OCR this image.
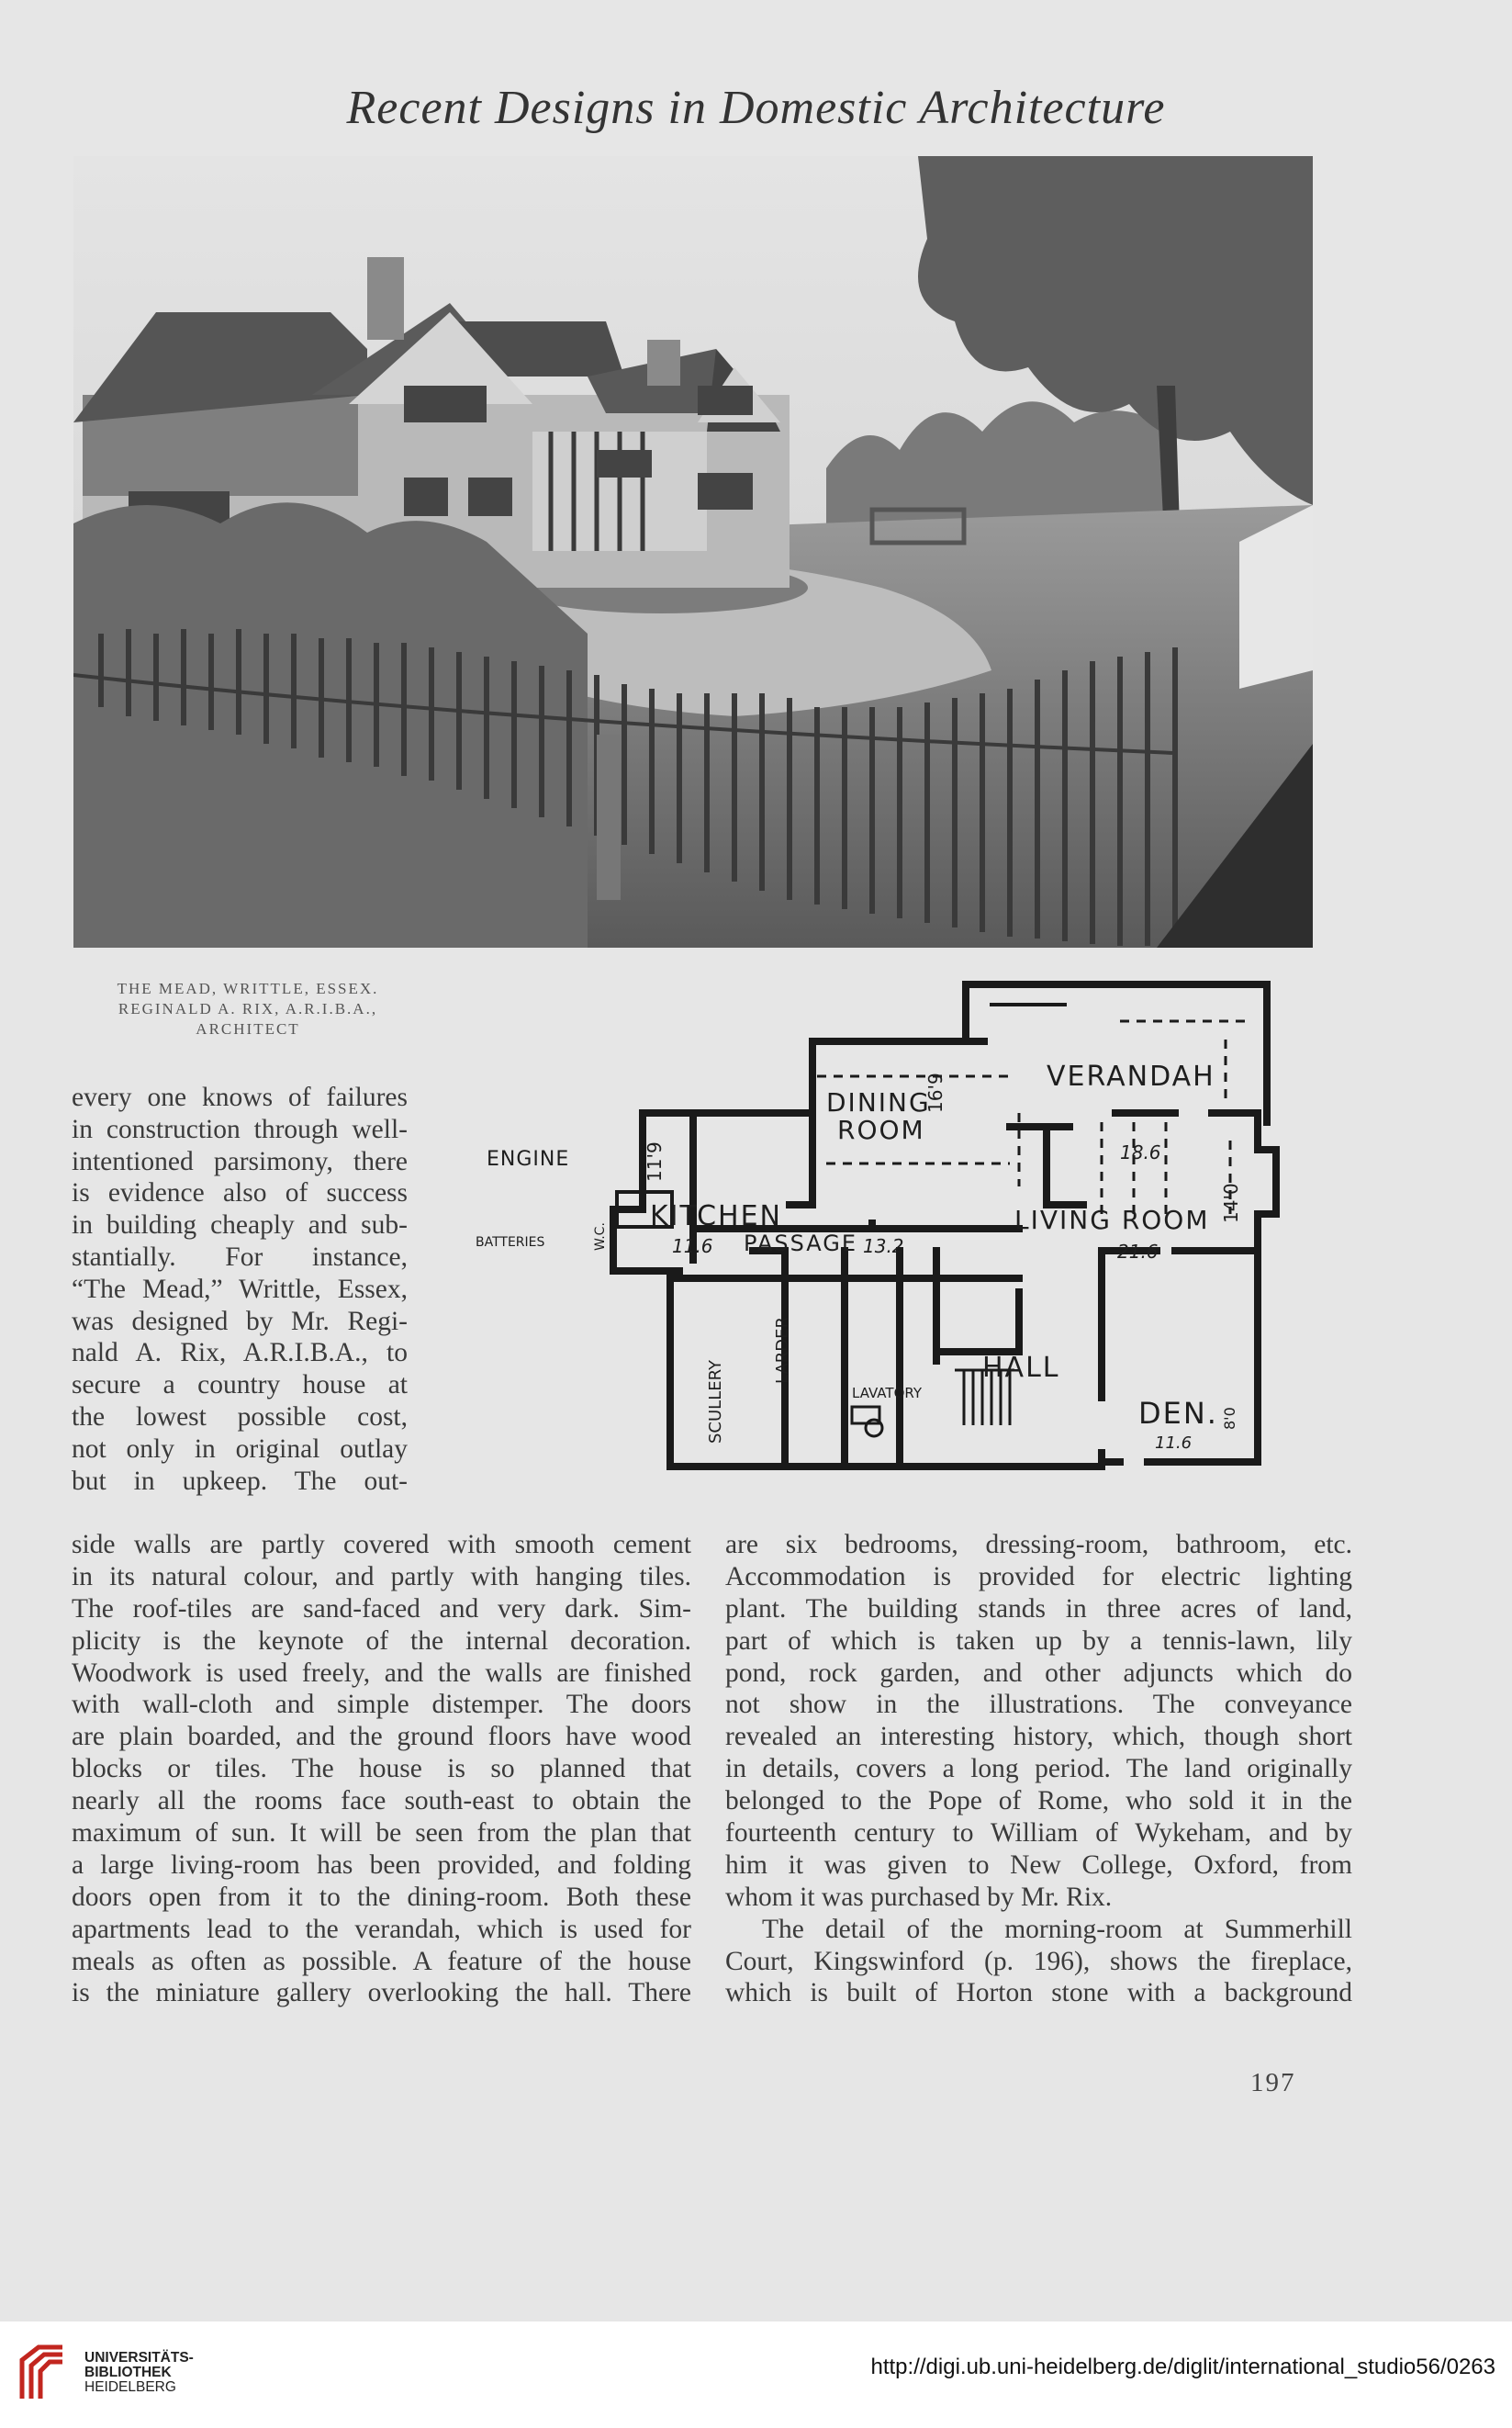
Recent Designs in Domestic Architecture
THE MEAD, WRITTLE, ESSEX.
REGINALD A. RIX, A.R.I.B.A.,
ARCHITECT
VERANDAH
DINING
ROOM
16'9
KITCHEN
11'9
11.6	13.2
ENGINE
BATTERIES	W.C.	PASSAGE
LIVING ROOM
18.6
21.6
14'0
HALL
SCULLERY
LARDER
LAVATORY
DEN.
11.6
8'0
every one knows of failures
in construction through well-
intentioned parsimony, there
is evidence also of success
in building cheaply and sub-
stantially. For instance,
“The Mead,” Writtle, Essex,
was designed by Mr. Regi-
nald A. Rix, A.R.I.B.A., to
secure a country house at
the lowest possible cost,
not only in original outlay
but in upkeep. The out-
side walls are partly covered with smooth cement
in its natural colour, and partly with hanging tiles.
The roof-tiles are sand-faced and very dark. Sim-
plicity is the keynote of the internal decoration.
Woodwork is used freely, and the walls are finished
with wall-cloth and simple distemper. The doors
are plain boarded, and the ground floors have wood
blocks or tiles. The house is so planned that
nearly all the rooms face south-east to obtain the
maximum of sun. It will be seen from the plan that
a large living-room has been provided, and folding
doors open from it to the dining-room. Both these
apartments lead to the verandah, which is used for
meals as often as possible. A feature of the house
is the miniature gallery overlooking the hall. There
are six bedrooms, dressing-room, bathroom, etc.
Accommodation is provided for electric lighting
plant. The building stands in three acres of land,
part of which is taken up by a tennis-lawn, lily
pond, rock garden, and other adjuncts which do
not show in the illustrations. The conveyance
revealed an interesting history, which, though short
in details, covers a long period. The land originally
belonged to the Pope of Rome, who sold it in the
fourteenth century to William of Wykeham, and by
him it was given to New College, Oxford, from
whom it was purchased by Mr. Rix.
The detail of the morning-room at Summerhill
Court, Kingswinford (p. 196), shows the fireplace,
which is built of Horton stone with a background
197
UNIVERSITÄTS-
BIBLIOTHEK
HEIDELBERG
http://digi.ub.uni-heidelberg.de/diglit/international_studio56/0263
